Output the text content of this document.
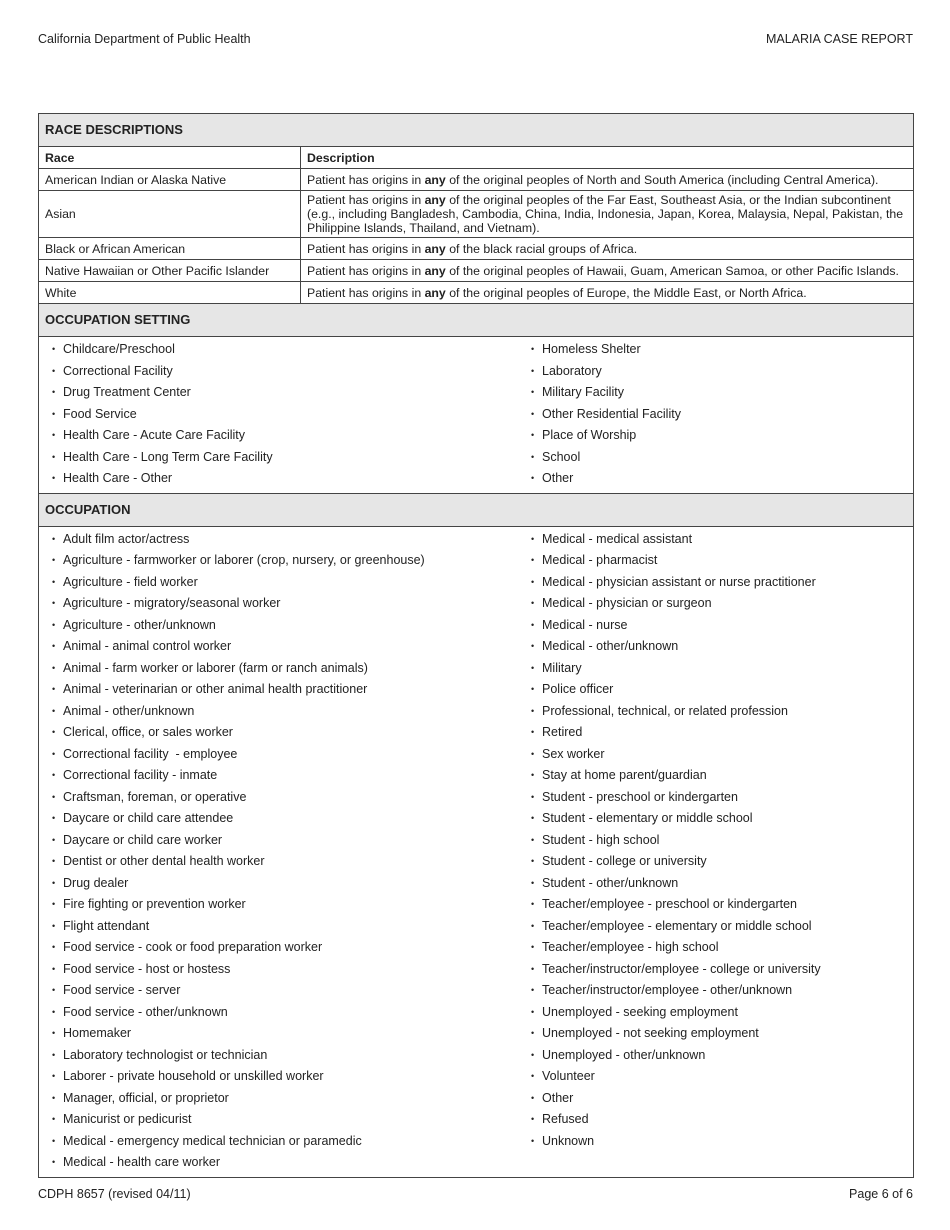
California Department of Public Health	MALARIA CASE REPORT
RACE DESCRIPTIONS
Race	Description
American Indian or Alaska Native	Patient has origins in any of the original peoples of North and South America (including Central America).
Asian	Patient has origins in any of the original peoples of the Far East, Southeast Asia, or the Indian subcontinent (e.g., including Bangladesh, Cambodia, China, India, Indonesia, Japan, Korea, Malaysia, Nepal, Pakistan, the Philippine Islands, Thailand, and Vietnam).
Black or African American	Patient has origins in any of the black racial groups of Africa.
Native Hawaiian or Other Pacific Islander	Patient has origins in any of the original peoples of Hawaii, Guam, American Samoa, or other Pacific Islands.
White	Patient has origins in any of the original peoples of Europe, the Middle East, or North Africa.
OCCUPATION SETTING
• Childcare/Preschool
• Correctional Facility
• Drug Treatment Center
• Food Service
• Health Care - Acute Care Facility
• Health Care - Long Term Care Facility
• Health Care - Other
• Homeless Shelter
• Laboratory
• Military Facility
• Other Residential Facility
• Place of Worship
• School
• Other
OCCUPATION
• Adult film actor/actress
• Agriculture - farmworker or laborer (crop, nursery, or greenhouse)
• Agriculture - field worker
• Agriculture - migratory/seasonal worker
• Agriculture - other/unknown
• Animal - animal control worker
• Animal - farm worker or laborer (farm or ranch animals)
• Animal - veterinarian or other animal health practitioner
• Animal - other/unknown
• Clerical, office, or sales worker
• Correctional facility  - employee
• Correctional facility - inmate
• Craftsman, foreman, or operative
• Daycare or child care attendee
• Daycare or child care worker
• Dentist or other dental health worker
• Drug dealer
• Fire fighting or prevention worker
• Flight attendant
• Food service - cook or food preparation worker
• Food service - host or hostess
• Food service - server
• Food service - other/unknown
• Homemaker
• Laboratory technologist or technician
• Laborer - private household or unskilled worker
• Manager, official, or proprietor
• Manicurist or pedicurist
• Medical - emergency medical technician or paramedic
• Medical - health care worker
• Medical - medical assistant
• Medical - pharmacist
• Medical - physician assistant or nurse practitioner
• Medical - physician or surgeon
• Medical - nurse
• Medical - other/unknown
• Military
• Police officer
• Professional, technical, or related profession
• Retired
• Sex worker
• Stay at home parent/guardian
• Student - preschool or kindergarten
• Student - elementary or middle school
• Student - high school
• Student - college or university
• Student - other/unknown
• Teacher/employee - preschool or kindergarten
• Teacher/employee - elementary or middle school
• Teacher/employee - high school
• Teacher/instructor/employee - college or university
• Teacher/instructor/employee - other/unknown
• Unemployed - seeking employment
• Unemployed - not seeking employment
• Unemployed - other/unknown
• Volunteer
• Other
• Refused
• Unknown
CDPH 8657 (revised 04/11)	Page 6 of 6
